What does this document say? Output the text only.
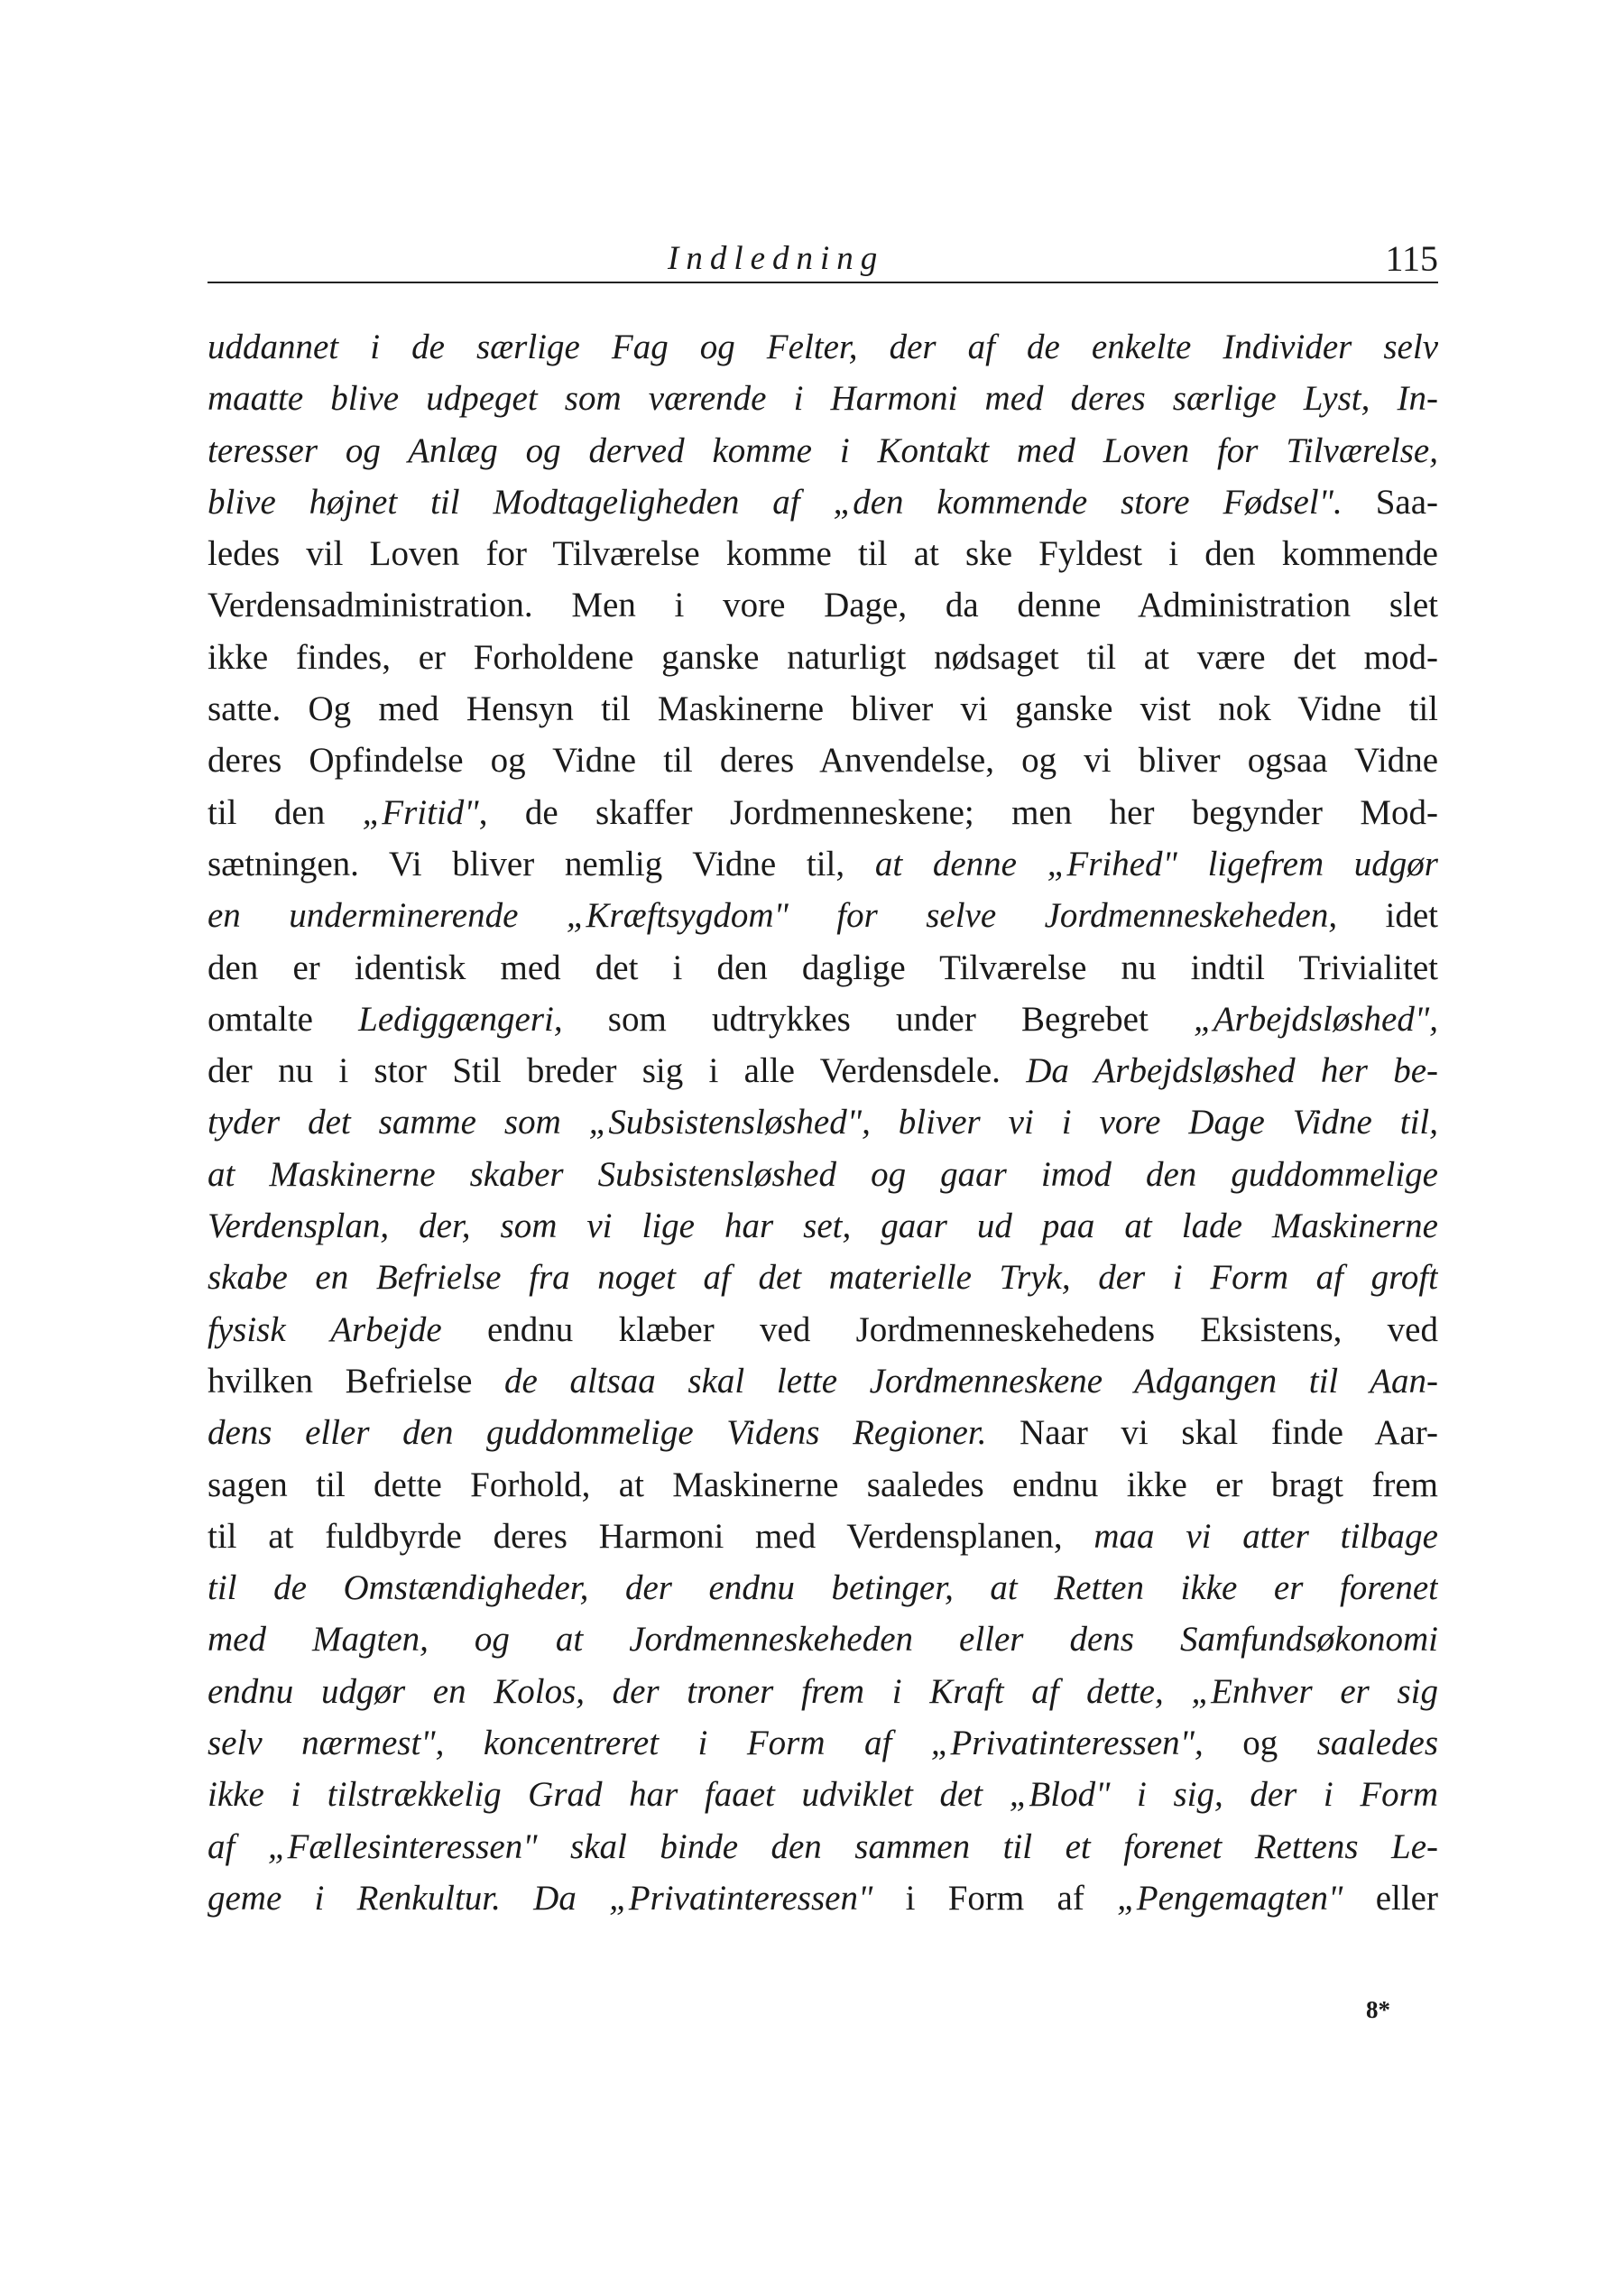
Indledning	115
uddannet i de særlige Fag og Felter, der af de enkelte Individer selv
maatte blive udpeget som værende i Harmoni med deres særlige Lyst, In-
teresser og Anlæg og derved komme i Kontakt med Loven for Tilværelse,
blive højnet til Modtageligheden af „den kommende store Fødsel". Saa-
ledes vil Loven for Tilværelse komme til at ske Fyldest i den kommende
Verdensadministration. Men i vore Dage, da denne Administration slet
ikke findes, er Forholdene ganske naturligt nødsaget til at være det mod-
satte. Og med Hensyn til Maskinerne bliver vi ganske vist nok Vidne til
deres Opfindelse og Vidne til deres Anvendelse, og vi bliver ogsaa Vidne
til den „Fritid", de skaffer Jordmenneskene; men her begynder Mod-
sætningen. Vi bliver nemlig Vidne til, at denne „Frihed" ligefrem udgør
en underminerende „Kræftsygdom" for selve Jordmenneskeheden, idet
den er identisk med det i den daglige Tilværelse nu indtil Trivialitet
omtalte Lediggængeri, som udtrykkes under Begrebet „Arbejdsløshed",
der nu i stor Stil breder sig i alle Verdensdele. Da Arbejdsløshed her be-
tyder det samme som „Subsistensløshed", bliver vi i vore Dage Vidne til,
at Maskinerne skaber Subsistensløshed og gaar imod den guddommelige
Verdensplan, der, som vi lige har set, gaar ud paa at lade Maskinerne
skabe en Befrielse fra noget af det materielle Tryk, der i Form af groft
fysisk Arbejde endnu klæber ved Jordmenneskehedens Eksistens, ved
hvilken Befrielse de altsaa skal lette Jordmenneskene Adgangen til Aan-
dens eller den guddommelige Videns Regioner. Naar vi skal finde Aar-
sagen til dette Forhold, at Maskinerne saaledes endnu ikke er bragt frem
til at fuldbyrde deres Harmoni med Verdensplanen, maa vi atter tilbage
til de Omstændigheder, der endnu betinger, at Retten ikke er forenet
med Magten, og at Jordmenneskeheden eller dens Samfundsøkonomi
endnu udgør en Kolos, der troner frem i Kraft af dette, „Enhver er sig
selv nærmest", koncentreret i Form af „Privatinteressen", og saaledes
ikke i tilstrækkelig Grad har faaet udviklet det „Blod" i sig, der i Form
af „Fællesinteressen" skal binde den sammen til et forenet Rettens Le-
geme i Renkultur. Da „Privatinteressen" i Form af „Pengemagten" eller
8*
